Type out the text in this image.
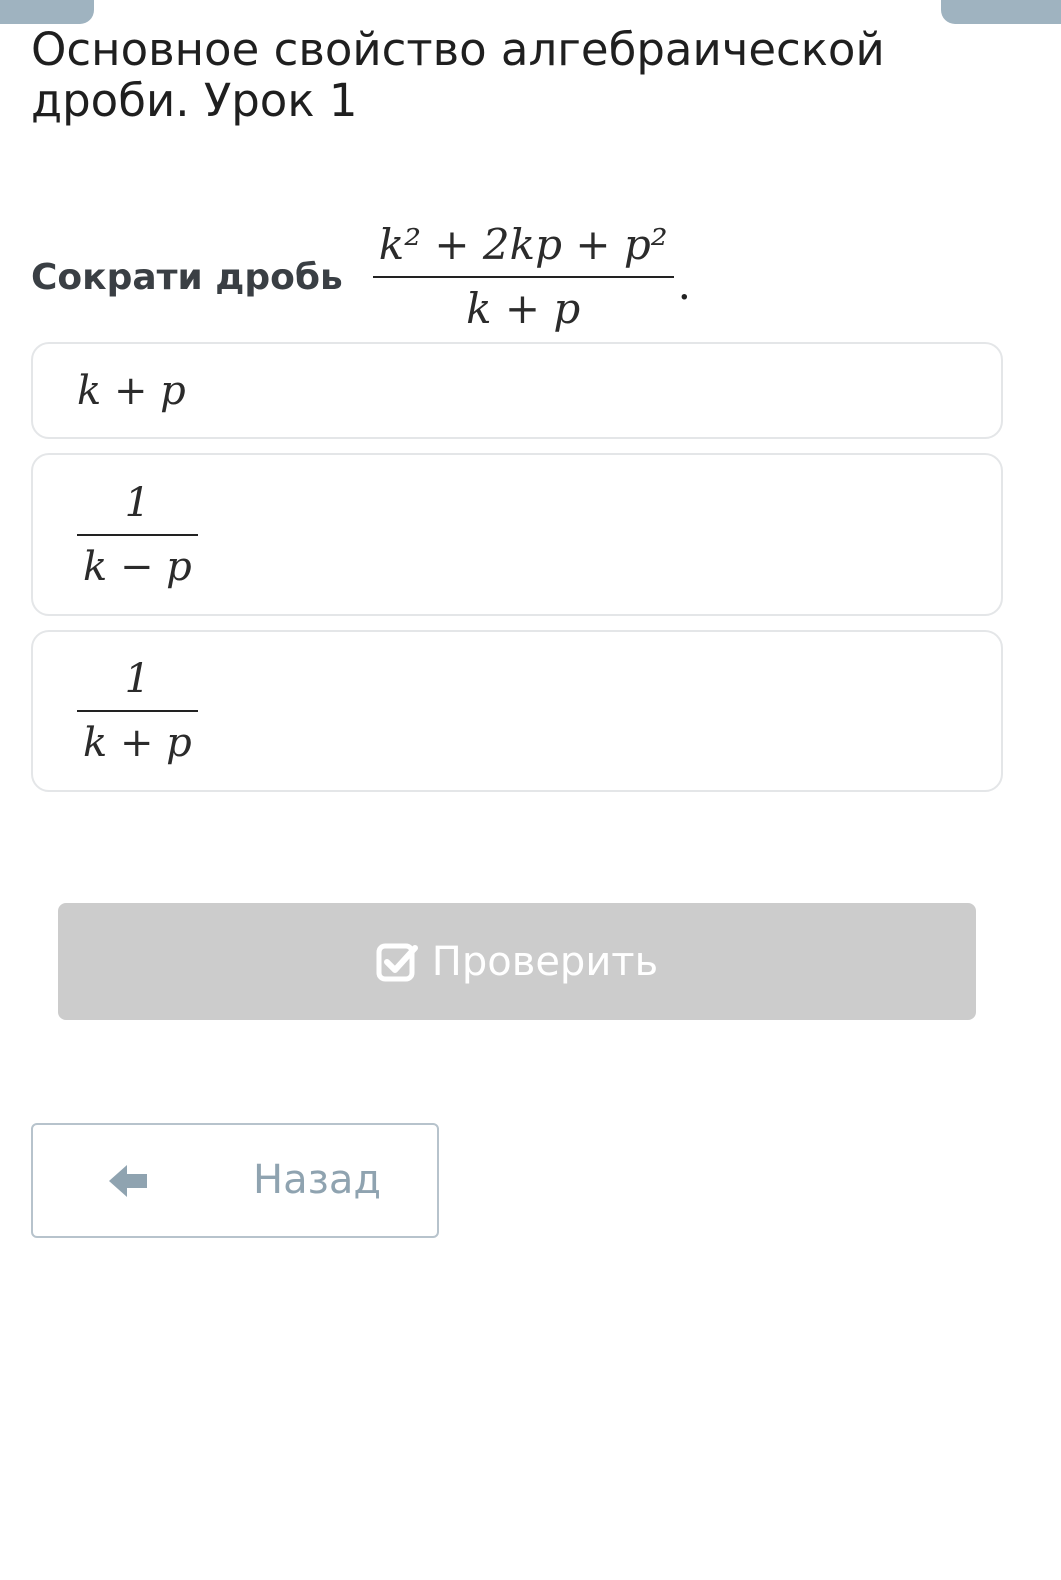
Основное свойство алгебраической дроби. Урок 1
Сократи дробь $\frac{\text{k² + 2kp + p²}}{k + p}$ .
k + p
$\frac{1}{k - p}$
$\frac{1}{k + p}$
Проверить
Назад
